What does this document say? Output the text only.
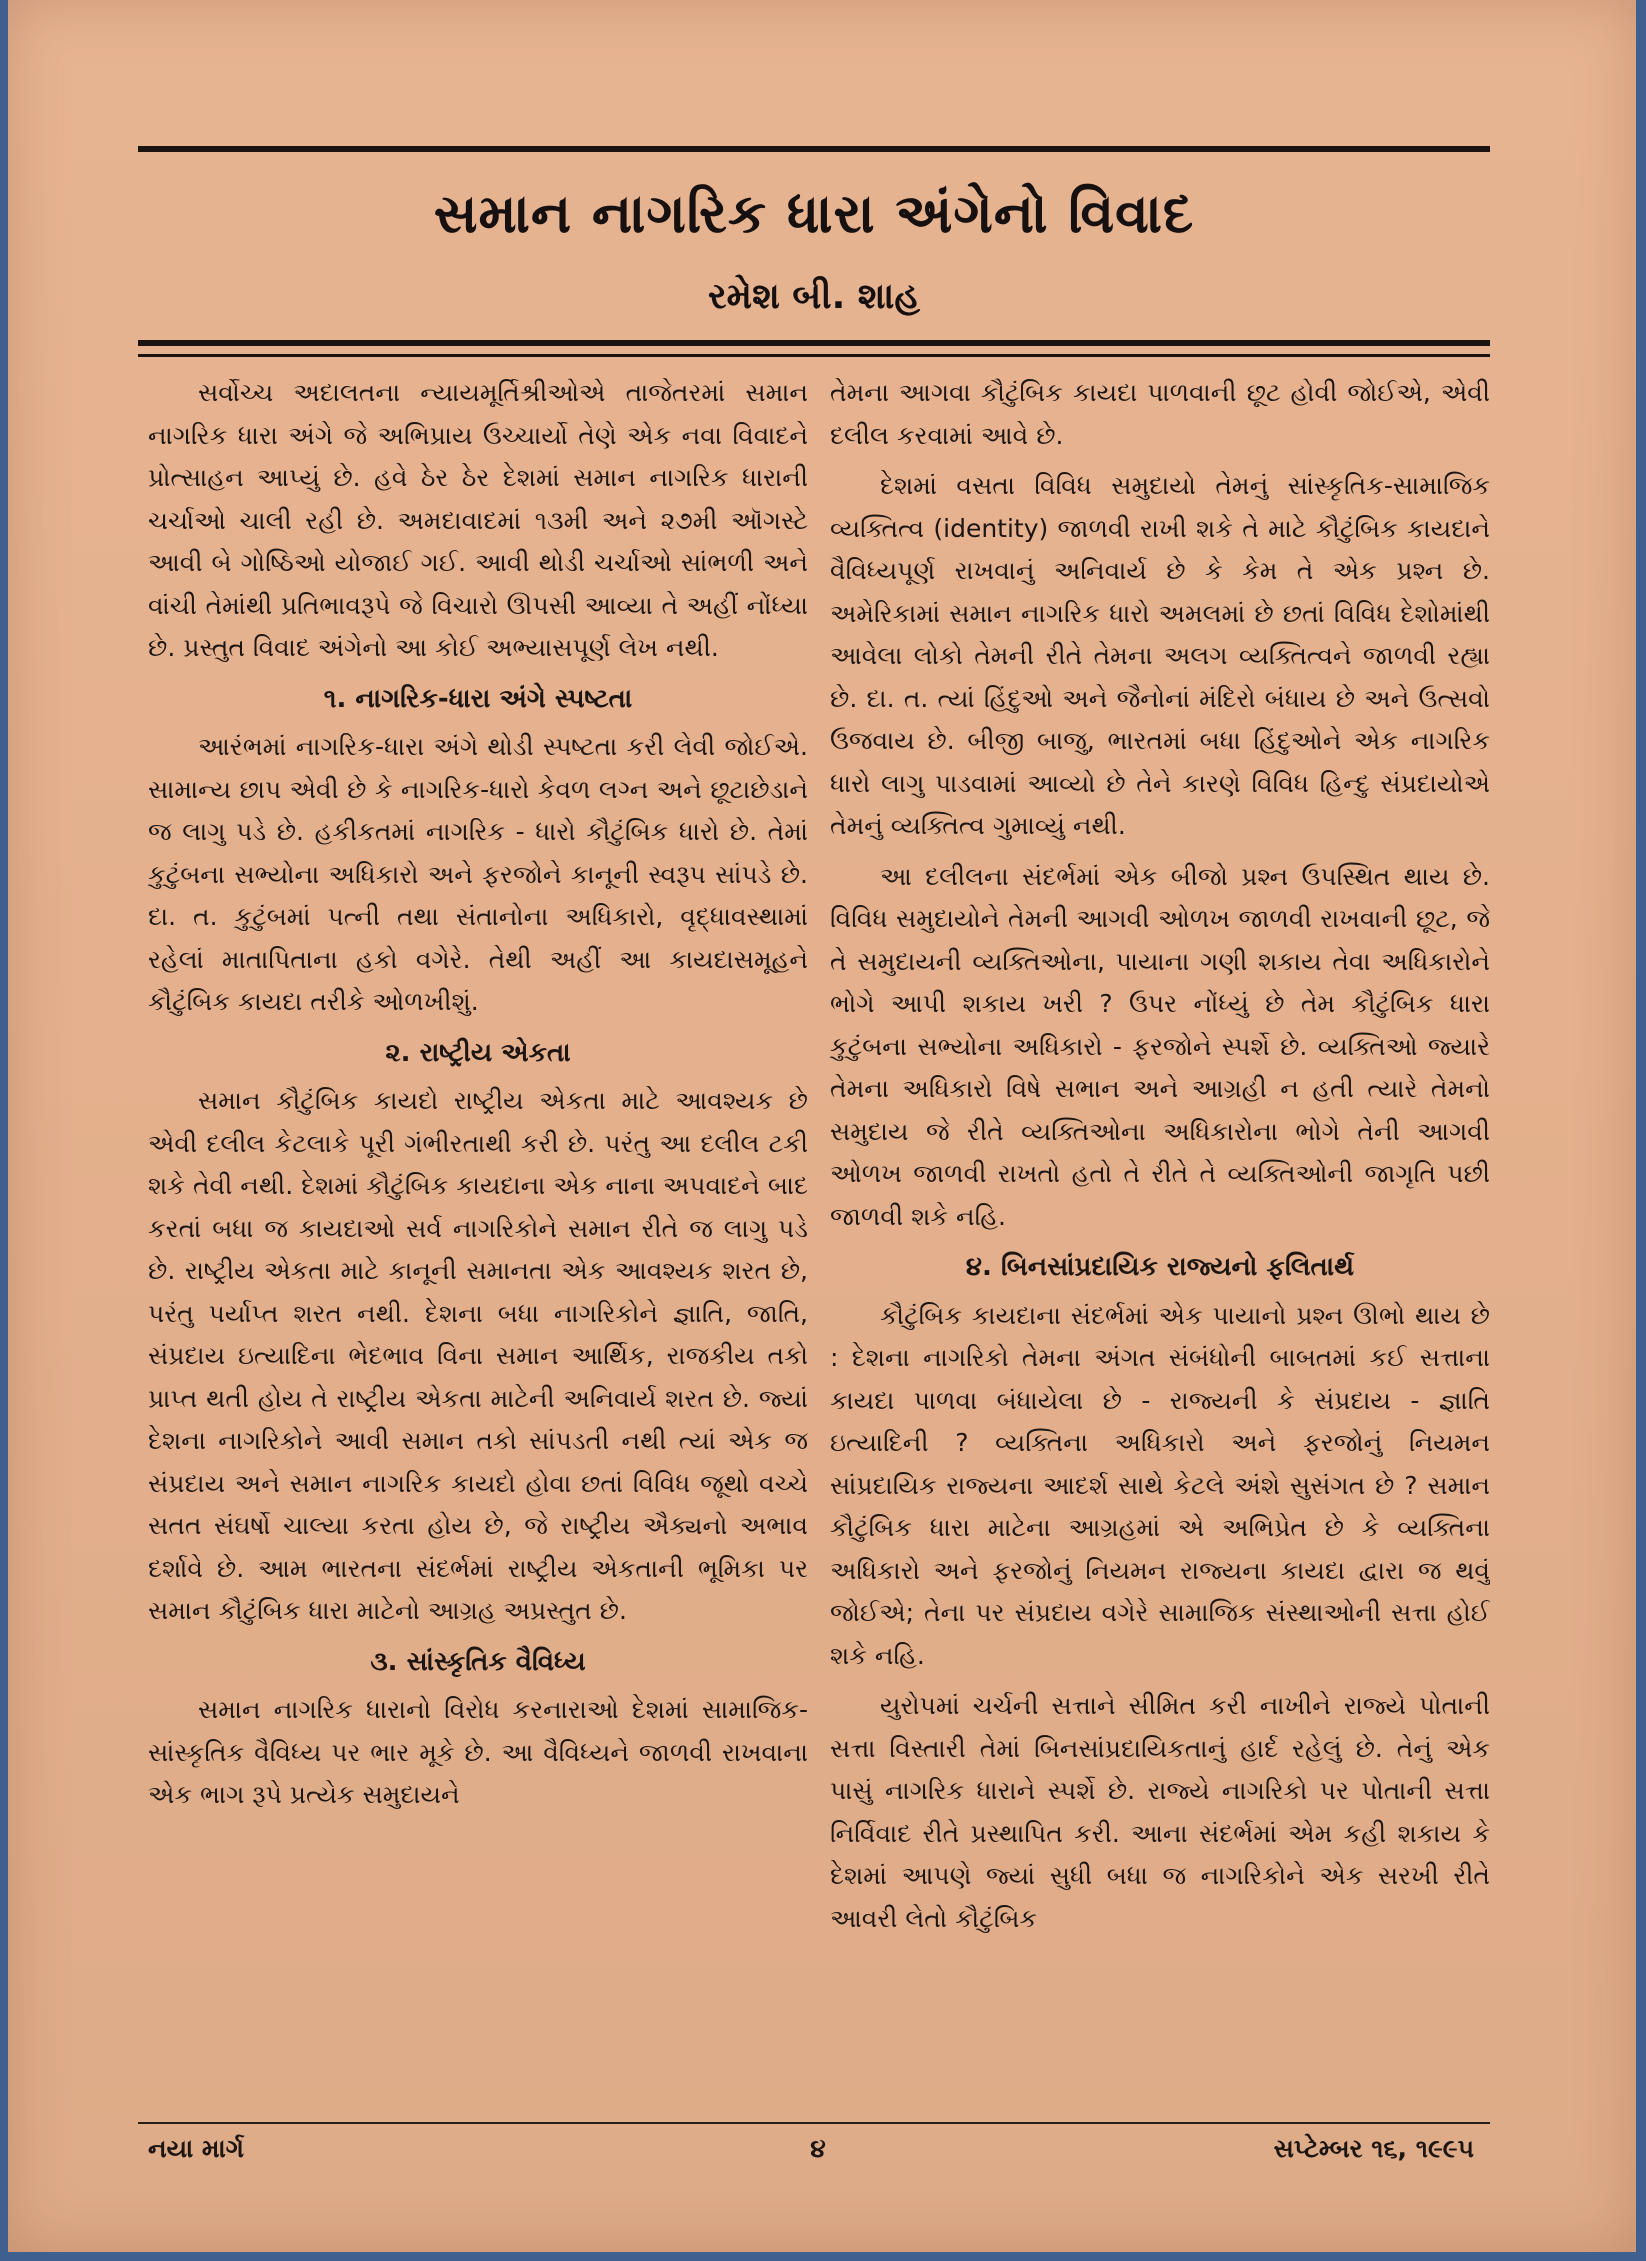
સમાન નાગરિક ધારા અંગેનો વિવાદ
રમેશ બી. શાહ

સર્વોચ્ચ અદાલતના ન્યાયમૂર્તિશ્રીઓએ તાજેતરમાં સમાન નાગરિક ધારા અંગે જે અભિપ્રાય ઉચ્ચાર્યો તેણે એક નવા વિવાદને પ્રોત્સાહન આપ્યું છે. હવે ઠેર ઠેર દેશમાં સમાન નાગરિક ધારાની ચર્ચાઓ ચાલી રહી છે. અમદાવાદમાં ૧૩મી અને ૨૭મી ઑગસ્ટે આવી બે ગોષ્ઠિઓ યોજાઈ ગઈ. આવી થોડી ચર્ચાઓ સાંભળી અને વાંચી તેમાંથી પ્રતિભાવરૂપે જે વિચારો ઊપસી આવ્યા તે અહીં નોંધ્યા છે. પ્રસ્તુત વિવાદ અંગેનો આ કોઈ અભ્યાસપૂર્ણ લેખ નથી.

૧. નાગરિક-ધારા અંગે સ્પષ્ટતા

આરંભમાં નાગરિક-ધારા અંગે થોડી સ્પષ્ટતા કરી લેવી જોઈએ. સામાન્ય છાપ એવી છે કે નાગરિક-ધારો કેવળ લગ્ન અને છૂટાછેડાને જ લાગુ પડે છે. હકીકતમાં નાગરિક - ધારો કૌટુંબિક ધારો છે. તેમાં કુટુંબના સભ્યોના અધિકારો અને ફરજોને કાનૂની સ્વરૂપ સાંપડે છે. દા. ત. કુટુંબમાં પત્ની તથા સંતાનોના અધિકારો, વૃદ્ધાવસ્થામાં રહેલાં માતાપિતાના હકો વગેરે. તેથી અહીં આ કાયદાસમૂહને કૌટુંબિક કાયદા તરીકે ઓળખીશું.

૨. રાષ્ટ્રીય એકતા

સમાન કૌટુંબિક કાયદો રાષ્ટ્રીય એકતા માટે આવશ્યક છે એવી દલીલ કેટલાકે પૂરી ગંભીરતાથી કરી છે. પરંતુ આ દલીલ ટકી શકે તેવી નથી. દેશમાં કૌટુંબિક કાયદાના એક નાના અપવાદને બાદ કરતાં બધા જ કાયદાઓ સર્વ નાગરિકોને સમાન રીતે જ લાગુ પડે છે. રાષ્ટ્રીય એકતા માટે કાનૂની સમાનતા એક આવશ્યક શરત છે, પરંતુ પર્યાપ્ત શરત નથી. દેશના બધા નાગરિકોને જ્ઞાતિ, જાતિ, સંપ્રદાય ઇત્યાદિના ભેદભાવ વિના સમાન આર્થિક, રાજકીય તકો પ્રાપ્ત થતી હોય તે રાષ્ટ્રીય એકતા માટેની અનિવાર્ય શરત છે. જ્યાં દેશના નાગરિકોને આવી સમાન તકો સાંપડતી નથી ત્યાં એક જ સંપ્રદાય અને સમાન નાગરિક કાયદો હોવા છતાં વિવિધ જૂથો વચ્ચે સતત સંઘર્ષો ચાલ્યા કરતા હોય છે, જે રાષ્ટ્રીય ઐક્યનો અભાવ દર્શાવે છે. આમ ભારતના સંદર્ભમાં રાષ્ટ્રીય એકતાની ભૂમિકા પર સમાન કૌટુંબિક ધારા માટેનો આગ્રહ અપ્રસ્તુત છે.

૩. સાંસ્કૃતિક વૈવિધ્ય

સમાન નાગરિક ધારાનો વિરોધ કરનારાઓ દેશમાં સામાજિક-સાંસ્કૃતિક વૈવિધ્ય પર ભાર મૂકે છે. આ વૈવિધ્યને જાળવી રાખવાના એક ભાગ રૂપે પ્રત્યેક સમુદાયને

તેમના આગવા કૌટુંબિક કાયદા પાળવાની છૂટ હોવી જોઈએ, એવી દલીલ કરવામાં આવે છે.

દેશમાં વસતા વિવિધ સમુદાયો તેમનું સાંસ્કૃતિક-સામાજિક વ્યક્તિત્વ (identity) જાળવી રાખી શકે તે માટે કૌટુંબિક કાયદાને વૈવિધ્યપૂર્ણ રાખવાનું અનિવાર્ય છે કે કેમ તે એક પ્રશ્ન છે. અમેરિકામાં સમાન નાગરિક ધારો અમલમાં છે છતાં વિવિધ દેશોમાંથી આવેલા લોકો તેમની રીતે તેમના અલગ વ્યક્તિત્વને જાળવી રહ્યા છે. દા. ત. ત્યાં હિંદુઓ અને જૈનોનાં મંદિરો બંધાય છે અને ઉત્સવો ઉજવાય છે. બીજી બાજુ, ભારતમાં બધા હિંદુઓને એક નાગરિક ધારો લાગુ પાડવામાં આવ્યો છે તેને કારણે વિવિધ હિન્દુ સંપ્રદાયોએ તેમનું વ્યક્તિત્વ ગુમાવ્યું નથી.

આ દલીલના સંદર્ભમાં એક બીજો પ્રશ્ન ઉપસ્થિત થાય છે. વિવિધ સમુદાયોને તેમની આગવી ઓળખ જાળવી રાખવાની છૂટ, જે તે સમુદાયની વ્યક્તિઓના, પાયાના ગણી શકાય તેવા અધિકારોને ભોગે આપી શકાય ખરી ? ઉપર નોંધ્યું છે તેમ કૌટુંબિક ધારા કુટુંબના સભ્યોના અધિકારો - ફરજોને સ્પર્શે છે. વ્યક્તિઓ જ્યારે તેમના અધિકારો વિષે સભાન અને આગ્રહી ન હતી ત્યારે તેમનો સમુદાય જે રીતે વ્યક્તિઓના અધિકારોના ભોગે તેની આગવી ઓળખ જાળવી રાખતો હતો તે રીતે તે વ્યક્તિઓની જાગૃતિ પછી જાળવી શકે નહિ.

૪. બિનસાંપ્રદાયિક રાજ્યનો ફલિતાર્થ

કૌટુંબિક કાયદાના સંદર્ભમાં એક પાયાનો પ્રશ્ન ઊભો થાય છે : દેશના નાગરિકો તેમના અંગત સંબંધોની બાબતમાં કઈ સત્તાના કાયદા પાળવા બંધાયેલા છે - રાજ્યની કે સંપ્રદાય - જ્ઞાતિ ઇત્યાદિની ? વ્યક્તિના અધિકારો અને ફરજોનું નિયમન સાંપ્રદાયિક રાજ્યના આદર્શ સાથે કેટલે અંશે સુસંગત છે ? સમાન કૌટુંબિક ધારા માટેના આગ્રહમાં એ અભિપ્રેત છે કે વ્યક્તિના અધિકારો અને ફરજોનું નિયમન રાજ્યના કાયદા દ્વારા જ થવું જોઈએ; તેના પર સંપ્રદાય વગેરે સામાજિક સંસ્થાઓની સત્તા હોઈ શકે નહિ.

યુરોપમાં ચર્ચની સત્તાને સીમિત કરી નાખીને રાજ્યે પોતાની સત્તા વિસ્તારી તેમાં બિનસાંપ્રદાયિકતાનું હાર્દ રહેલું છે. તેનું એક પાસું નાગરિક ધારાને સ્પર્શે છે. રાજ્યે નાગરિકો પર પોતાની સત્તા નિર્વિવાદ રીતે પ્રસ્થાપિત કરી. આના સંદર્ભમાં એમ કહી શકાય કે દેશમાં આપણે જ્યાં સુધી બધા જ નાગરિકોને એક સરખી રીતે આવરી લેતો કૌટુંબિક

નયા માર્ગ	૪	સપ્ટેમ્બર ૧૬, ૧૯૯૫
